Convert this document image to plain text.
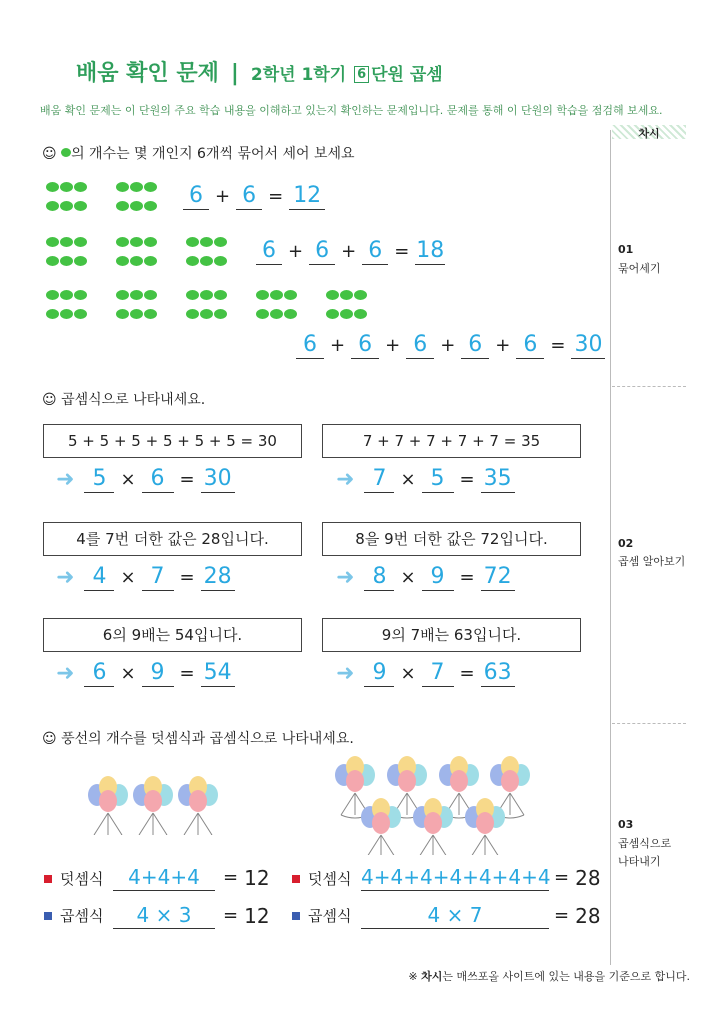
배움 확인 문제 | 2학년 1학기 6 단원 곱셈
배움 확인 문제는 이 단원의 주요 학습 내용을 이해하고 있는지 확인하는 문제입니다. 문제를 통해 이 단원의 학습을 점검해 보세요.
차시
01
묶어세기
02
곱셈 알아보기
03
곱셈식으로
나타내기
☺ 의 개수는 몇 개인지 6개씩 묶어서 세어 보세요
6 + 6 = 12
6 + 6 + 6 = 18
6 + 6 + 6 + 6 + 6 = 30
☺ 곱셈식으로 나타내세요.
5 + 5 + 5 + 5 + 5 + 5 = 30
➜ 5 × 6 = 30
7 + 7 + 7 + 7 + 7 = 35
➜ 7 × 5 = 35
4를 7번 더한 값은 28입니다.
➜ 4 × 7 = 28
8을 9번 더한 값은 72입니다.
➜ 8 × 9 = 72
6의 9배는 54입니다.
➜ 6 × 9 = 54
9의 7배는 63입니다.
➜ 9 × 7 = 63
☺ 풍선의 개수를 덧셈식과 곱셈식으로 나타내세요.
덧셈식	4+4+4	= 12
곱셈식	4 × 3	= 12
덧셈식 4+4+4+4+4+4+4 = 28
곱셈식	4 × 7	= 28
※ 차시는 매쓰포올 사이트에 있는 내용을 기준으로 합니다.
